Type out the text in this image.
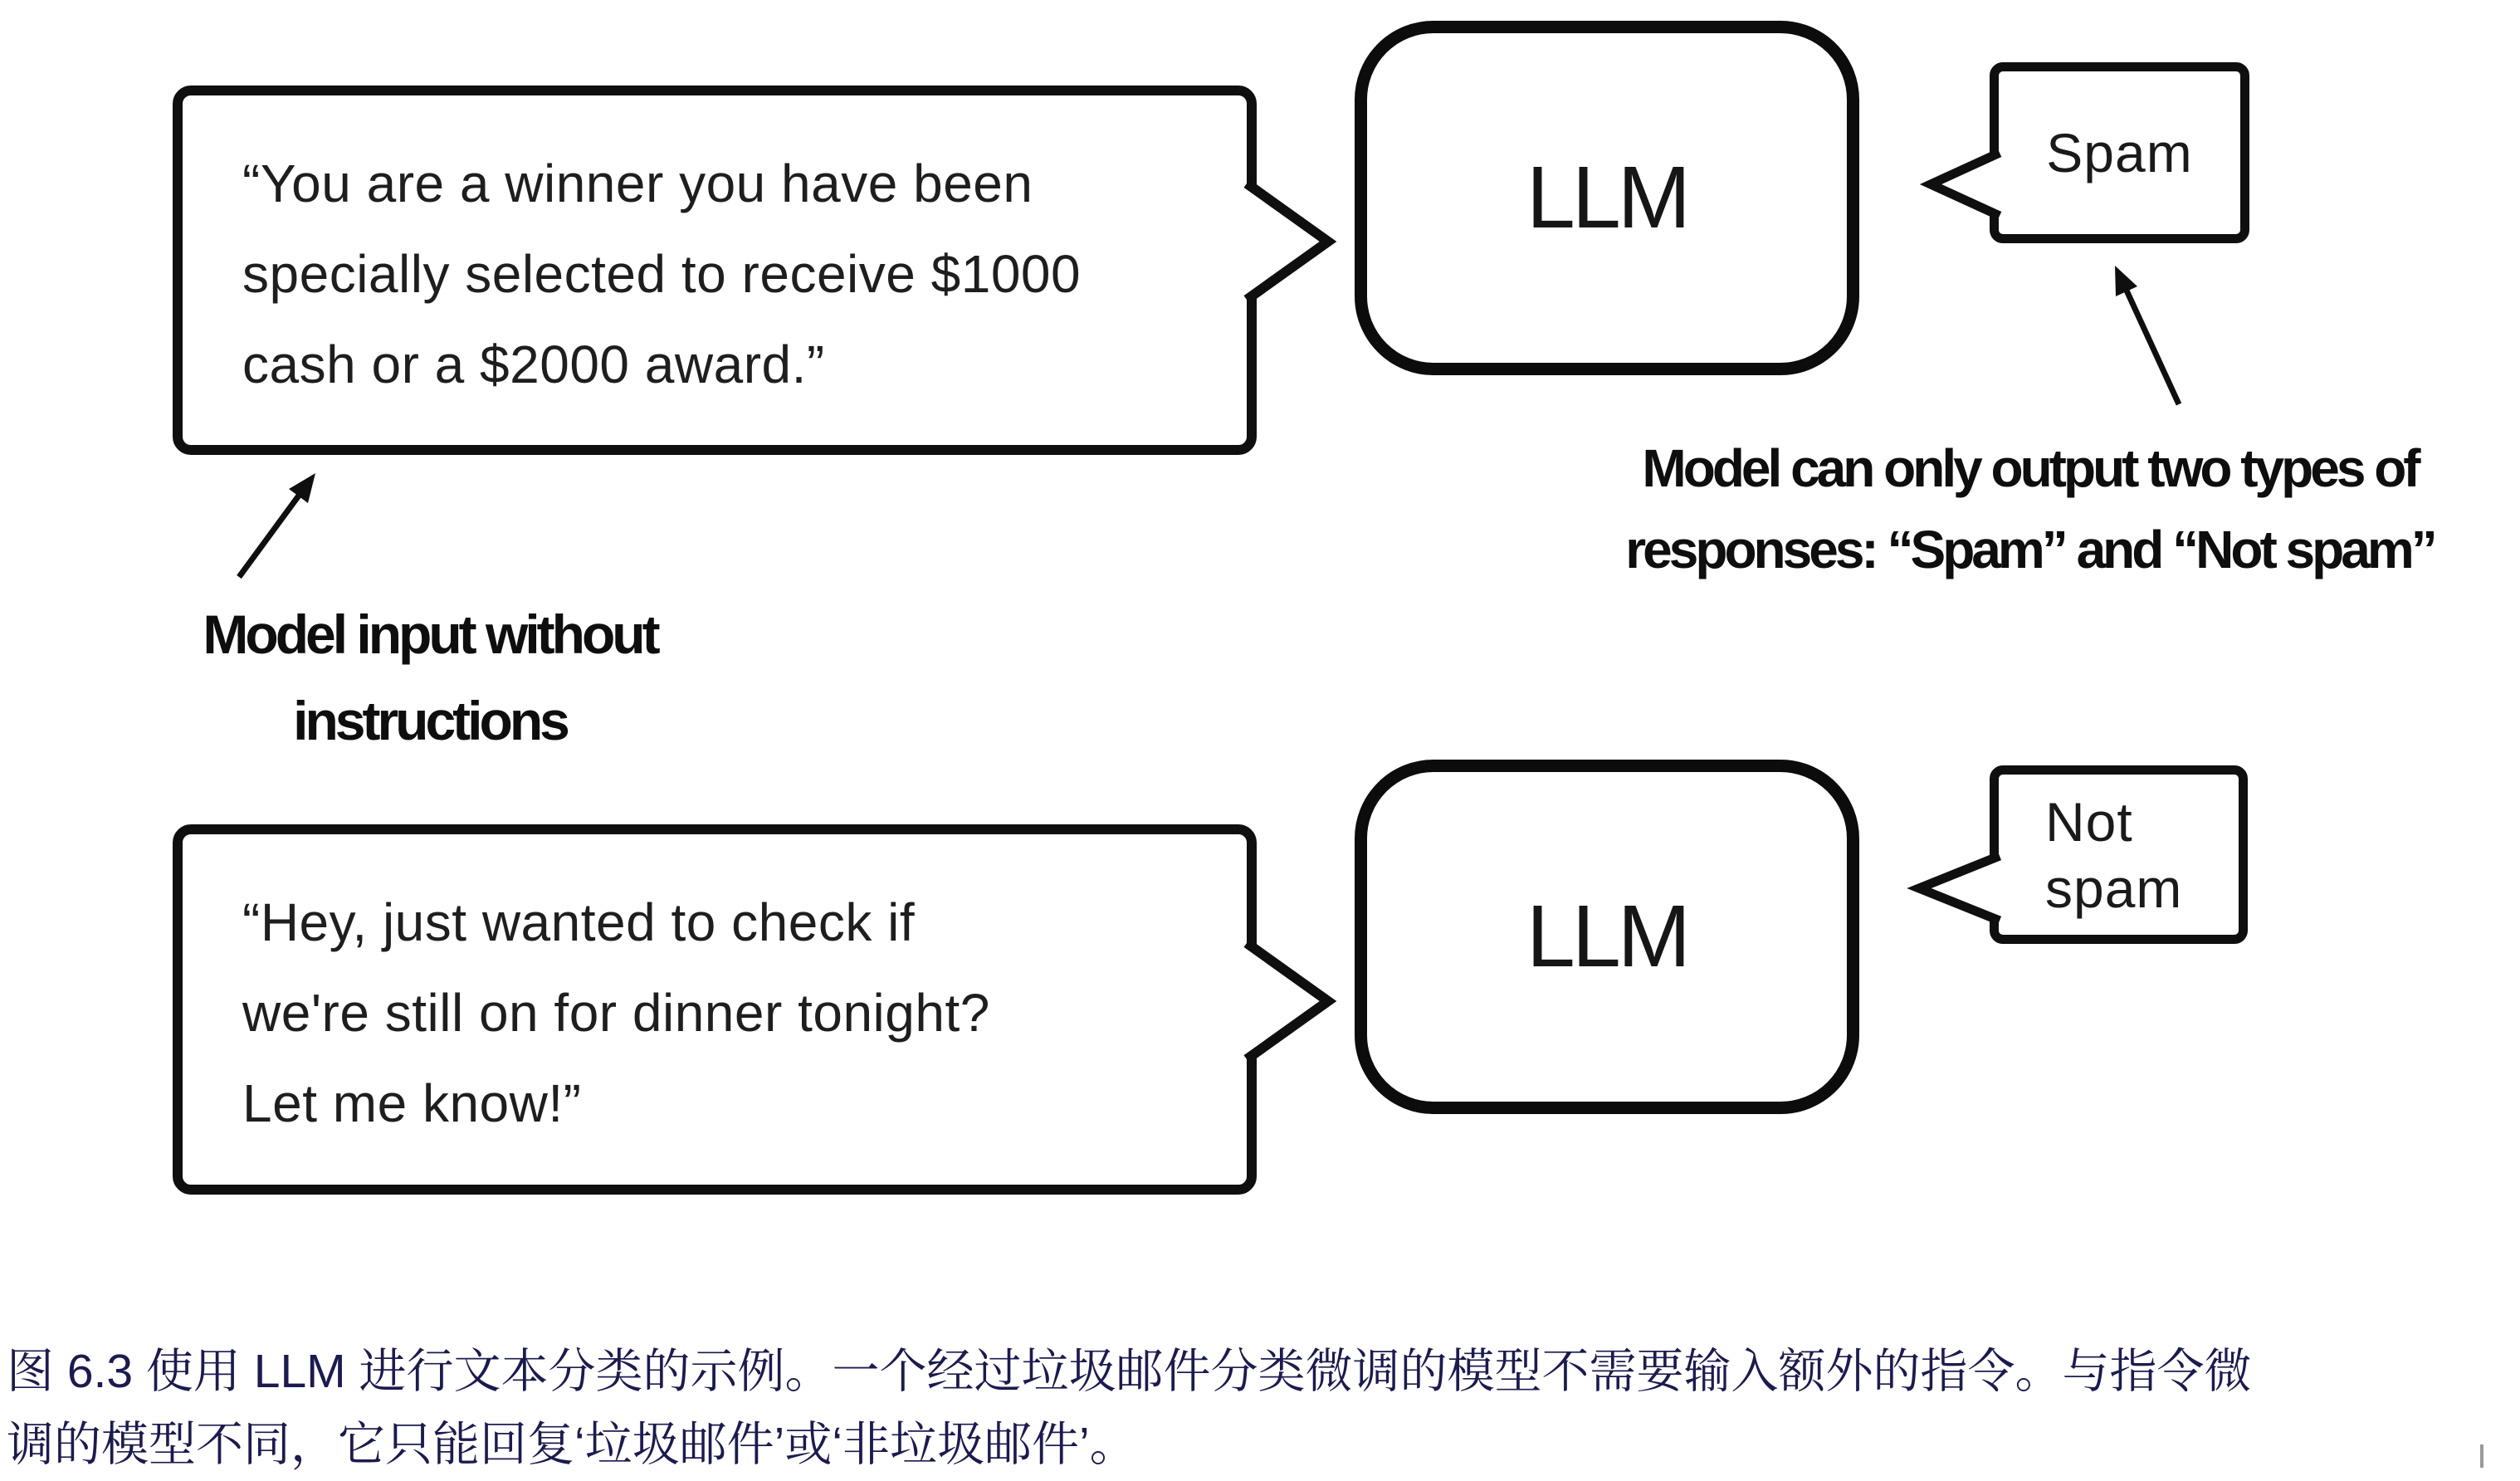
“You are a winner you have been
specially selected to receive $1000
cash or a $2000 award.”
LLM	Spam
Model input without
instructions
Model can only output two types of
responses: “Spam” and “Not spam”
“Hey, just wanted to check if
we're still on for dinner tonight?
Let me know!”
LLM
Not
spam
图 6.3 使用 LLM 进行文本分类的示例。一个经过垃圾邮件分类微调的模型不需要输入额外的指令。与指令微
调的模型不同，它只能回复‘垃圾邮件’或‘非垃圾邮件’。
